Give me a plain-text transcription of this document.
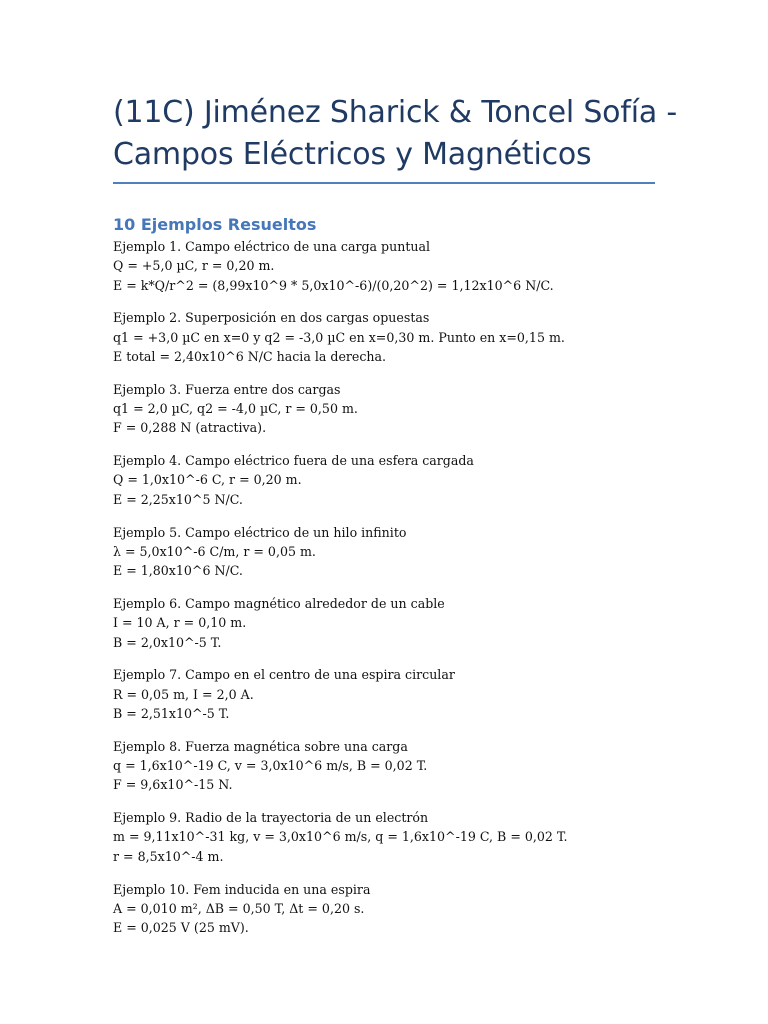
(11C) Jiménez Sharick & Toncel Sofía -
Campos Eléctricos y Magnéticos
10 Ejemplos Resueltos
Ejemplo 1. Campo eléctrico de una carga puntual
Q = +5,0 µC, r = 0,20 m.
E = k*Q/r^2 = (8,99x10^9 * 5,0x10^-6)/(0,20^2) = 1,12x10^6 N/C.
Ejemplo 2. Superposición en dos cargas opuestas
q1 = +3,0 µC en x=0 y q2 = -3,0 µC en x=0,30 m. Punto en x=0,15 m.
E total = 2,40x10^6 N/C hacia la derecha.
Ejemplo 3. Fuerza entre dos cargas
q1 = 2,0 µC, q2 = -4,0 µC, r = 0,50 m.
F = 0,288 N (atractiva).
Ejemplo 4. Campo eléctrico fuera de una esfera cargada
Q = 1,0x10^-6 C, r = 0,20 m.
E = 2,25x10^5 N/C.
Ejemplo 5. Campo eléctrico de un hilo infinito
λ = 5,0x10^-6 C/m, r = 0,05 m.
E = 1,80x10^6 N/C.
Ejemplo 6. Campo magnético alrededor de un cable
I = 10 A, r = 0,10 m.
B = 2,0x10^-5 T.
Ejemplo 7. Campo en el centro de una espira circular
R = 0,05 m, I = 2,0 A.
B = 2,51x10^-5 T.
Ejemplo 8. Fuerza magnética sobre una carga
q = 1,6x10^-19 C, v = 3,0x10^6 m/s, B = 0,02 T.
F = 9,6x10^-15 N.
Ejemplo 9. Radio de la trayectoria de un electrón
m = 9,11x10^-31 kg, v = 3,0x10^6 m/s, q = 1,6x10^-19 C, B = 0,02 T.
r = 8,5x10^-4 m.
Ejemplo 10. Fem inducida en una espira
A = 0,010 m², ΔB = 0,50 T, Δt = 0,20 s.
E = 0,025 V (25 mV).
